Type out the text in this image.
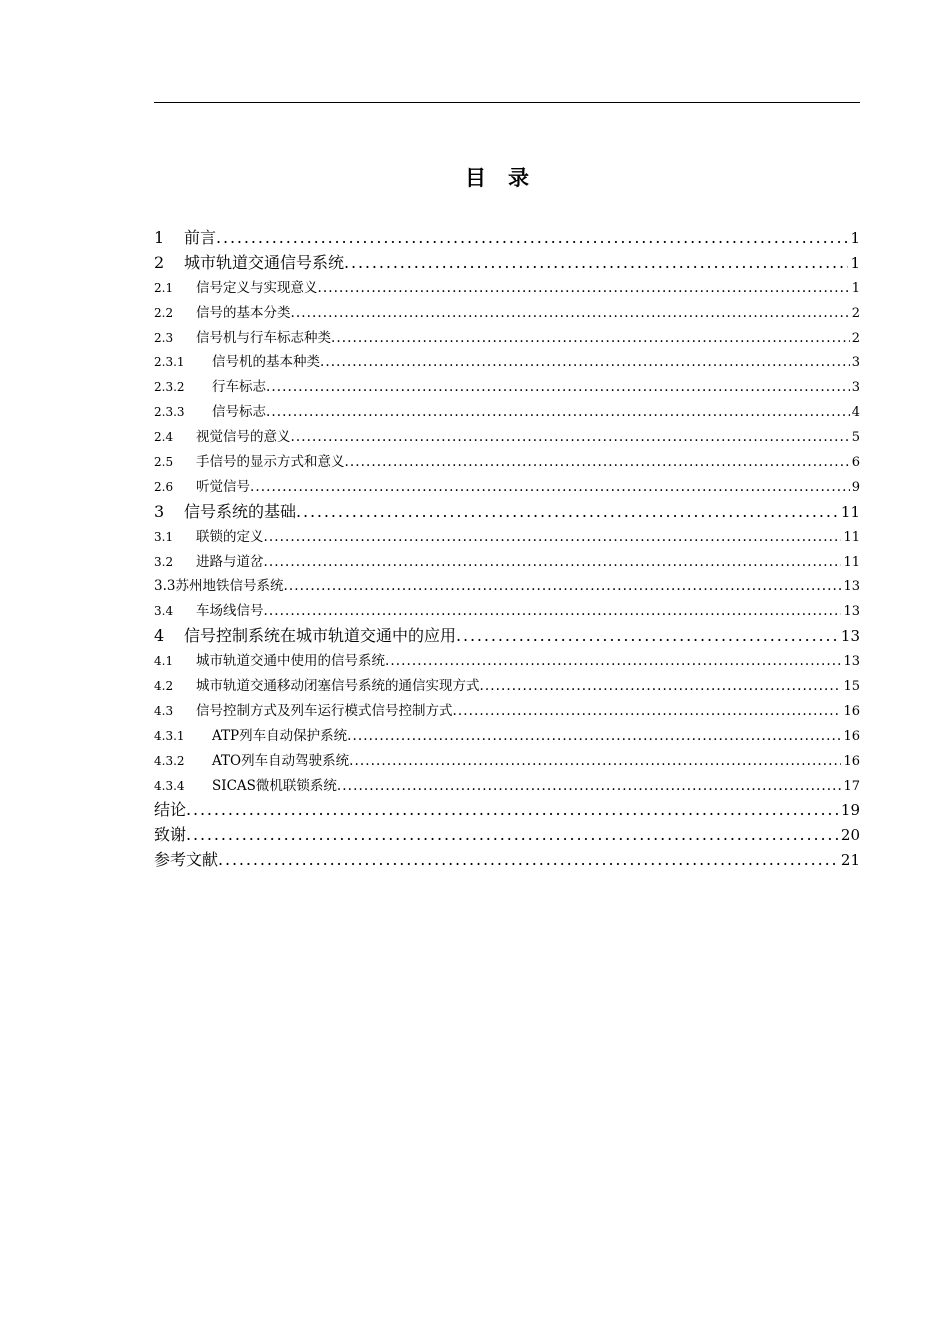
目录
1	前言 . . .	1
2	城市轨道交通信号系统 . . .	1
2.1	信号定义与实现意义 . . .	1
2.2	信号的基本分类 . . .	2
2.3	信号机与行车标志种类 . . .	2
2.3.1	信号机的基本种类 . . .	3
2.3.2	行车标志 . . .	3
2.3.3	信号标志 . . .	4
2.4	视觉信号的意义 . . .	5
2.5	手信号的显示方式和意义 . . .	6
2.6	听觉信号 . . .	9
3	信号系统的基础 . . .	11
3.1	联锁的定义 . . .	11
3.2	进路与道岔 . . .	11
3.3苏州地铁信号系统 . . .	13
3.4	车场线信号 . . .	13
4	信号控制系统在城市轨道交通中的应用 . . .	13
4.1	城市轨道交通中使用的信号系统 . . .	13
4.2	城市轨道交通移动闭塞信号系统的通信实现方式 . . .	15
4.3	信号控制方式及列车运行模式信号控制方式 . . .	16
4.3.1	ATP列车自动保护系统 . . .	16
4.3.2	ATO列车自动驾驶系统 . . .	16
4.3.4	SICAS微机联锁系统 . . .	17
结论 . . .	19
致谢 . . .	20
参考文献 . . .	21
